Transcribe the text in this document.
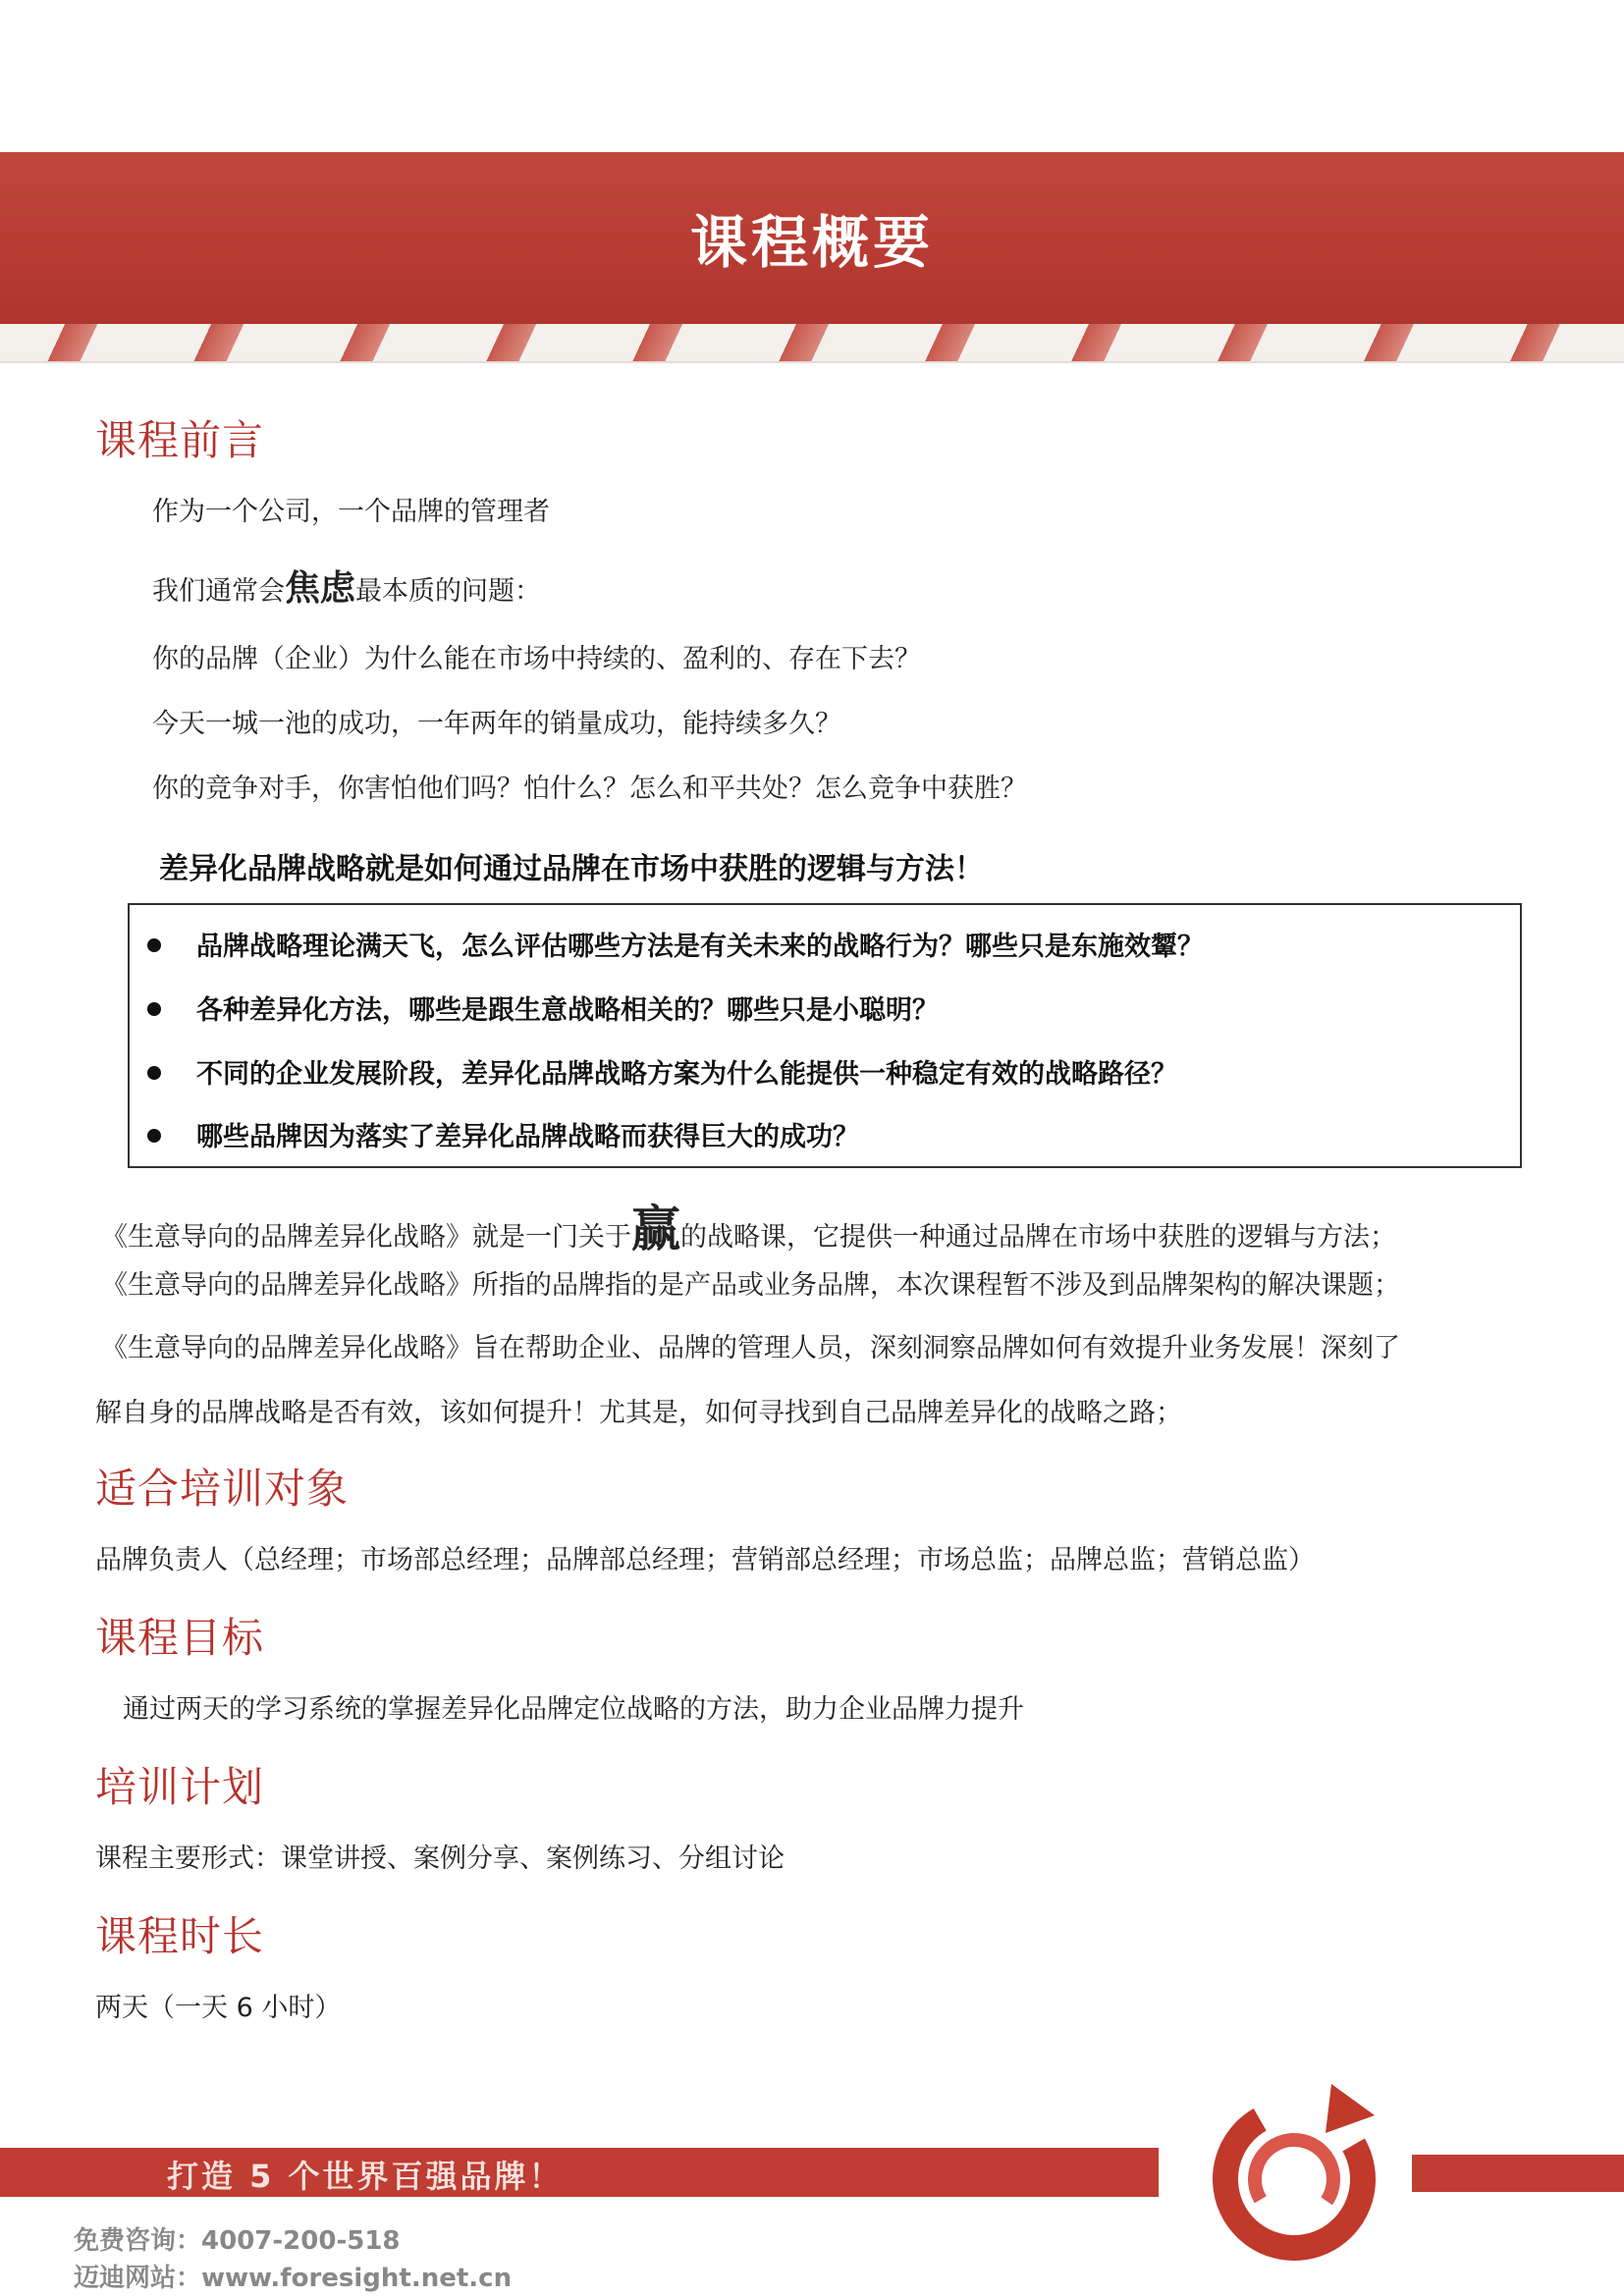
课程概要
课程前言
作为一个公司，一个品牌的管理者
我们通常会焦虑最本质的问题：
你的品牌（企业）为什么能在市场中持续的、盈利的、存在下去？
今天一城一池的成功，一年两年的销量成功，能持续多久？
你的竞争对手，你害怕他们吗？怕什么？怎么和平共处？怎么竞争中获胜？
差异化品牌战略就是如何通过品牌在市场中获胜的逻辑与方法！
品牌战略理论满天飞，怎么评估哪些方法是有关未来的战略行为？哪些只是东施效颦？
各种差异化方法，哪些是跟生意战略相关的？哪些只是小聪明？
不同的企业发展阶段，差异化品牌战略方案为什么能提供一种稳定有效的战略路径？
哪些品牌因为落实了差异化品牌战略而获得巨大的成功？
《生意导向的品牌差异化战略》就是一门关于赢的战略课，它提供一种通过品牌在市场中获胜的逻辑与方法；
《生意导向的品牌差异化战略》所指的品牌指的是产品或业务品牌，本次课程暂不涉及到品牌架构的解决课题；
《生意导向的品牌差异化战略》旨在帮助企业、品牌的管理人员，深刻洞察品牌如何有效提升业务发展！深刻了
解自身的品牌战略是否有效，该如何提升！尤其是，如何寻找到自己品牌差异化的战略之路；
适合培训对象
品牌负责人（总经理；市场部总经理；品牌部总经理；营销部总经理；市场总监；品牌总监；营销总监）
课程目标
通过两天的学习系统的掌握差异化品牌定位战略的方法，助力企业品牌力提升
培训计划
课程主要形式：课堂讲授、案例分享、案例练习、分组讨论
课程时长
两天（一天 6 小时）
打造 5 个世界百强品牌！
免费咨询：4007-200-518
迈迪网站：www.foresight.net.cn
